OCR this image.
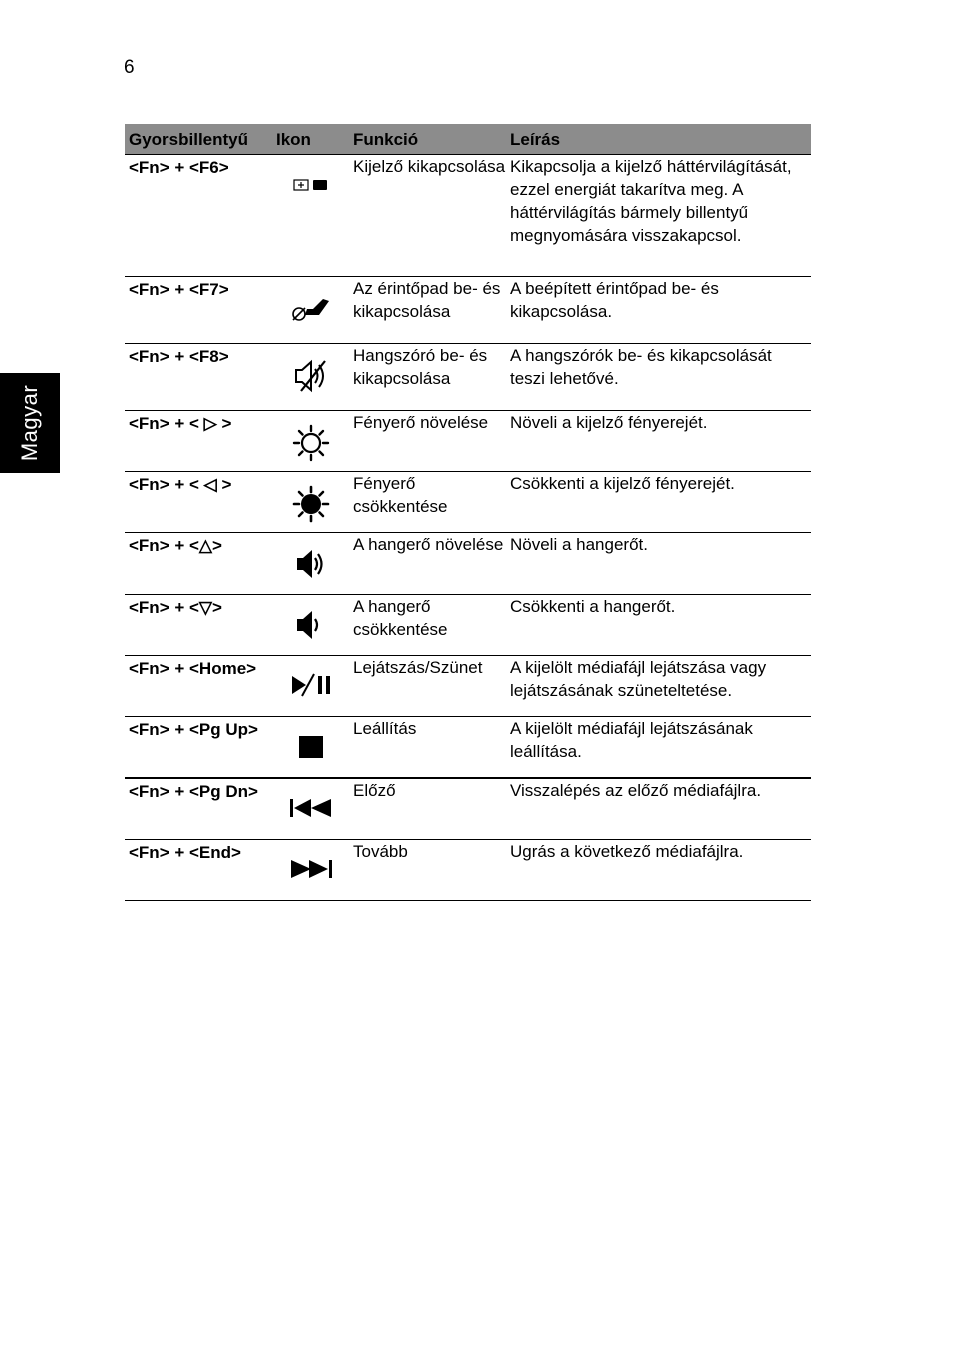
6
Magyar
Gyorsbillentyű	Ikon	Funkció	Leírás
<Fn> + <F6>		Kijelző kikapcsolása	Kikapcsolja a kijelző háttérvilágítását, ezzel energiát takarítva meg. A háttérvilágítás bármely billentyű megnyomására visszakapcsol.
<Fn> + <F7>		Az érintőpad be- és kikapcsolása	A beépített érintőpad be- és kikapcsolása.
<Fn> + <F8>		Hangszóró be- és kikapcsolása	A hangszórók be- és kikapcsolását teszi lehetővé.
<Fn> + < ▷ >		Fényerő növelése	Növeli a kijelző fényerejét.
<Fn> + < ◁ >		Fényerő csökkentése	Csökkenti a kijelző fényerejét.
<Fn> + <△>		A hangerő növelése	Növeli a hangerőt.
<Fn> + <▽>		A hangerő csökkentése	Csökkenti a hangerőt.
<Fn> + <Home>		Lejátszás/Szünet	A kijelölt médiafájl lejátszása vagy lejátszásának szüneteltetése.
<Fn> + <Pg Up>		Leállítás	A kijelölt médiafájl lejátszásának leállítása.
<Fn> + <Pg Dn>		Előző	Visszalépés az előző médiafájlra.
<Fn> + <End>		Tovább	Ugrás a következő médiafájlra.
